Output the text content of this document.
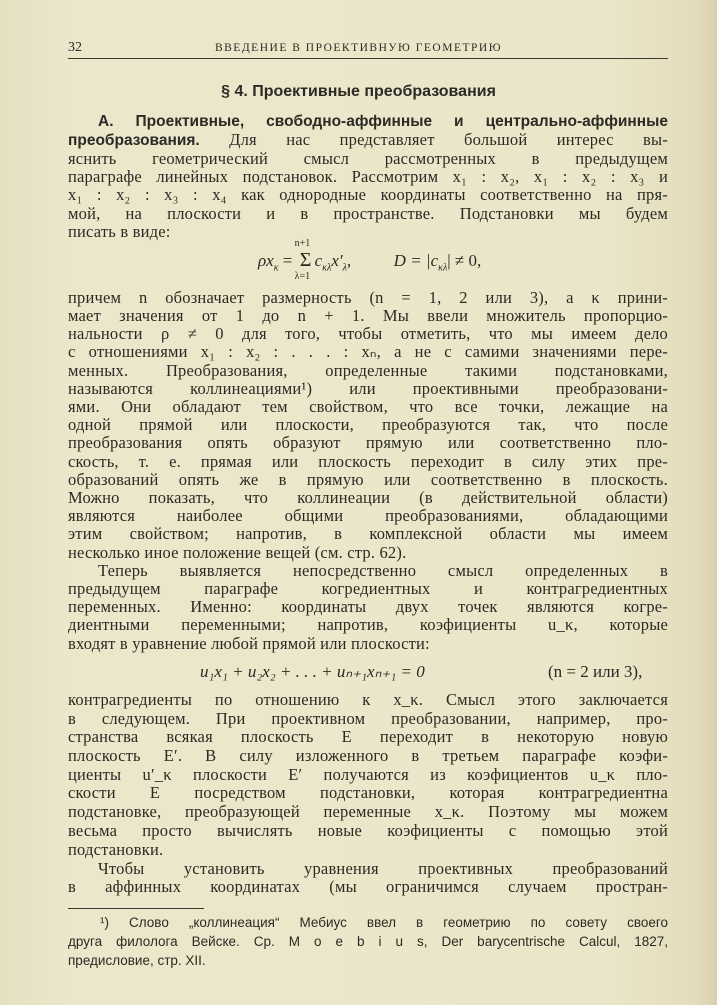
32	ВВЕДЕНИЕ В ПРОЕКТИВНУЮ ГЕОМЕТРИЮ
§ 4. Проективные преобразования
А. Проективные, свободно-аффинные и центрально-аффинные
преобразования. Для нас представляет большой интерес вы-
яснить геометрический смысл рассмотренных в предыдущем
параграфе линейных подстановок. Рассмотрим x₁ : x₂, x₁ : x₂ : x₃ и
x₁ : x₂ : x₃ : x₄ как однородные координаты соответственно на пря-
мой, на плоскости и в пространстве. Подстановки мы будем
писать в виде:
$\rho x_\kappa$ =
n+1
Σ
λ=1
$c_{\kappa\lambda}x'_\lambda$,	$D = |c_{\kappa\lambda}| \ne 0$,
причем n обозначает размерность (n = 1, 2 или 3), а κ прини-
мает значения от 1 до n + 1. Мы ввели множитель пропорцио-
нальности ρ ≠ 0 для того, чтобы отметить, что мы имеем дело
с отношениями x₁ : x₂ : . . . : xₙ, а не с самими значениями пере-
менных. Преобразования, определенные такими подстановками,
называются коллинеациями¹) или проективными преобразовани-
ями. Они обладают тем свойством, что все точки, лежащие на
одной прямой или плоскости, преобразуются так, что после
преобразования опять образуют прямую или соответственно пло-
скость, т. е. прямая или плоскость переходит в силу этих пре-
образований опять же в прямую или соответственно в плоскость.
Можно показать, что коллинеации (в действительной области)
являются наиболее общими преобразованиями, обладающими
этим свойством; напротив, в комплексной области мы имеем
несколько иное положение вещей (см. стр. 62).
Теперь выявляется непосредственно смысл определенных в
предыдущем параграфе когредиентных и контрагредиентных
переменных. Именно: координаты двух точек являются когре-
диентными переменными; напротив, коэфициенты u_κ, которые
входят в уравнение любой прямой или плоскости:
u₁x₁ + u₂x₂ + . . . + uₙ₊₁xₙ₊₁ = 0	(n = 2 или 3),
контрагредиенты по отношению к x_κ. Смысл этого заключается
в следующем. При проективном преобразовании, например, про-
странства всякая плоскость E переходит в некоторую новую
плоскость E′. В силу изложенного в третьем параграфе коэфи-
циенты u′_κ плоскости E′ получаются из коэфициентов u_κ пло-
скости E посредством подстановки, которая контрагредиентна
подстановке, преобразующей переменные x_κ. Поэтому мы можем
весьма просто вычислять новые коэфициенты с помощью этой
подстановки.
Чтобы установить уравнения проективных преобразований
в аффинных координатах (мы ограничимся случаем простран-
¹) Слово „коллинеация“ Мебиус ввел в геометрию по совету своего
друга филолога Вейске. Ср. M o e b i u s, Der barycentrische Calcul, 1827,
предисловие, стр. XII.
